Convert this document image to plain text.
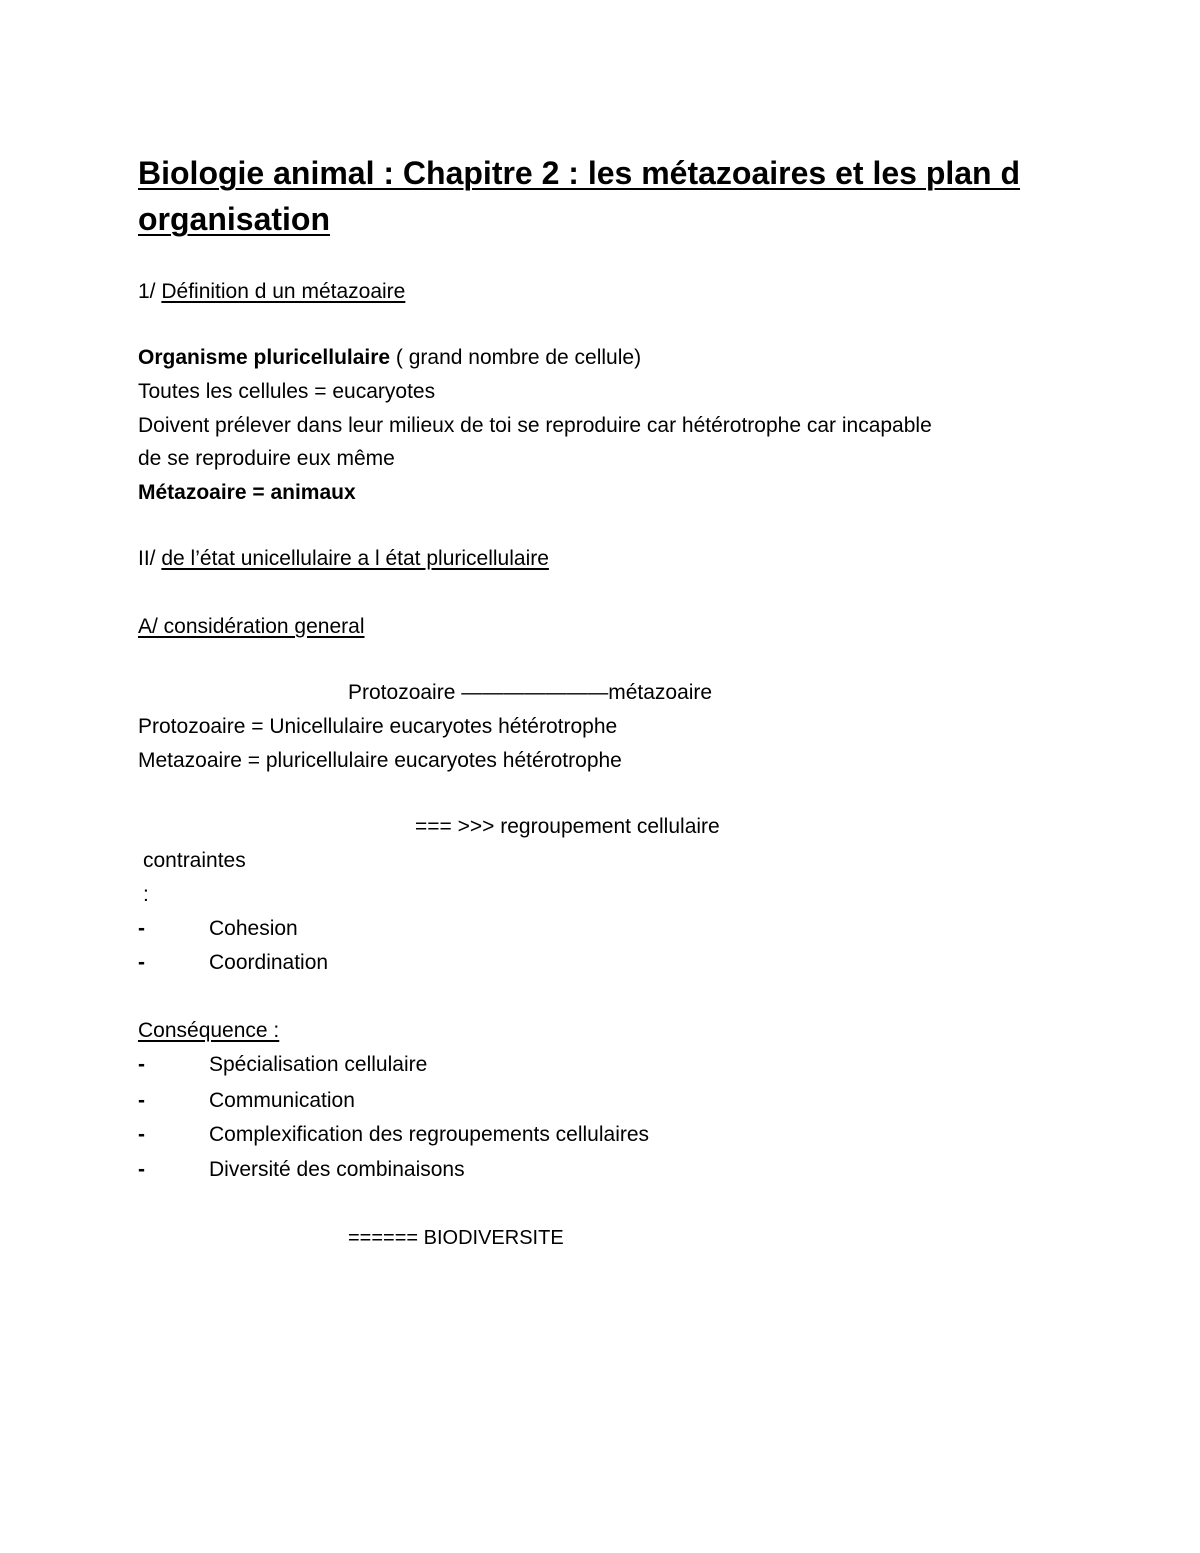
Biologie animal : Chapitre 2 : les métazoaires et les plan d organisation
1/ Définition d un métazoaire
Organisme pluricellulaire ( grand nombre de cellule)
Toutes les cellules = eucaryotes
Doivent prélever dans leur milieux de toi se reproduire car hétérotrophe car incapable
de se reproduire eux même
Métazoaire = animaux
II/ de l’état unicellulaire a l état pluricellulaire
A/ considération general
Protozoaire ———————métazoaire
Protozoaire = Unicellulaire eucaryotes hétérotrophe
Metazoaire = pluricellulaire eucaryotes hétérotrophe
=== >>> regroupement cellulaire
contraintes
:
-	Cohesion
-	Coordination
Conséquence :
-	Spécialisation cellulaire
-	Communication
-	Complexification des regroupements cellulaires
-	Diversité des combinaisons
====== BIODIVERSITE
